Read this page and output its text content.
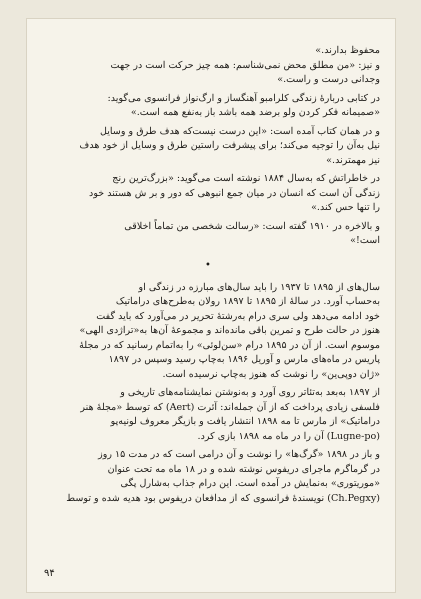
محفوظ بدارند.»

و نیز: «من مطلق محض نمی‌شناسم: همه چیز حرکت است در جهت

وجدانی درست و راست.»

در کتابی دربارهٔ زندگی کلرامبو آهنگساز و ارگ‌نواز فرانسوی می‌گوید:

«صمیمانه فکر کردن ولو برضد همه باشد باز به‌نفع همه است.»

و در همان کتاب آمده است: «این درست نیست‌که هدف طرق و وسایل

نیل به‌آن را توجیه می‌کند؛ برای پیشرفت راستین طرق و وسایل از خود هدف

نیز مهمترند.»

در خاطراتش که به‌سال ۱۸۸۴ نوشته است می‌گوید: «بزرگ‌ترین رنج

زندگی آن است که انسان در میان جمع انبوهی که دور و بر ش هستند خود

را تنها حس کند.»

و بالاخره در ۱۹۱۰ گفته است: «رسالت شخصی من تماماً اخلاقی

است!»

•

سال‌های از ۱۸۹۵ تا ۱۹۳۷ را باید سال‌های مبارزه در زندگی او

به‌حساب آورد. در سالهٔ از ۱۸۹۵ تا ۱۸۹۷ رولان به‌طرح‌های دراماتیک

خود ادامه می‌دهد ولی سری درام به‌رشتهٔ تحریر در می‌آورد که باید گفت

هنوز در حالت طرح و تمرین باقی مانده‌اند و مجموعهٔ آن‌ها به‌«تراژدی الهی»

موسوم است. از آن در ۱۸۹۵ درام «سن‌لوئی» را به‌اتمام رسانید که در مجلهٔ

پاریس در ماه‌های مارس و آوریل ۱۸۹۶ به‌چاپ رسید وسپس در ۱۸۹۷

«ژان دوپی‌ین» را نوشت که هنوز به‌چاپ نرسیده است.

از ۱۸۹۷ به‌بعد به‌تئاتر روی آورد و به‌نوشتن نمایشنامه‌های تاریخی و

فلسفی زیادی پرداخت که از آن جمله‌اند: آئرت (Aert) که توسط «مجلهٔ هنر

دراماتیک» از مارس تا مه ۱۸۹۸ انتشار یافت و بازیگر معروف لونیه‌پو

(Lugne-po) آن را در ماه مه ۱۸۹۸ بازی کرد.

و باز در ۱۸۹۸ «گرگ‌ها» را نوشت و آن درامی است که در مدت ۱۵ روز

در گرماگرم ماجرای دریفوس نوشته شده و در ۱۸ ماه مه تحت عنوان

«موریتوری» به‌نمایش در آمده است. این درام جذاب به‌شارل پگی

(Ch.Pegxy) نویسندهٔ فرانسوی که از مدافعان دریفوس بود هدیه شده و توسط

۹۴
